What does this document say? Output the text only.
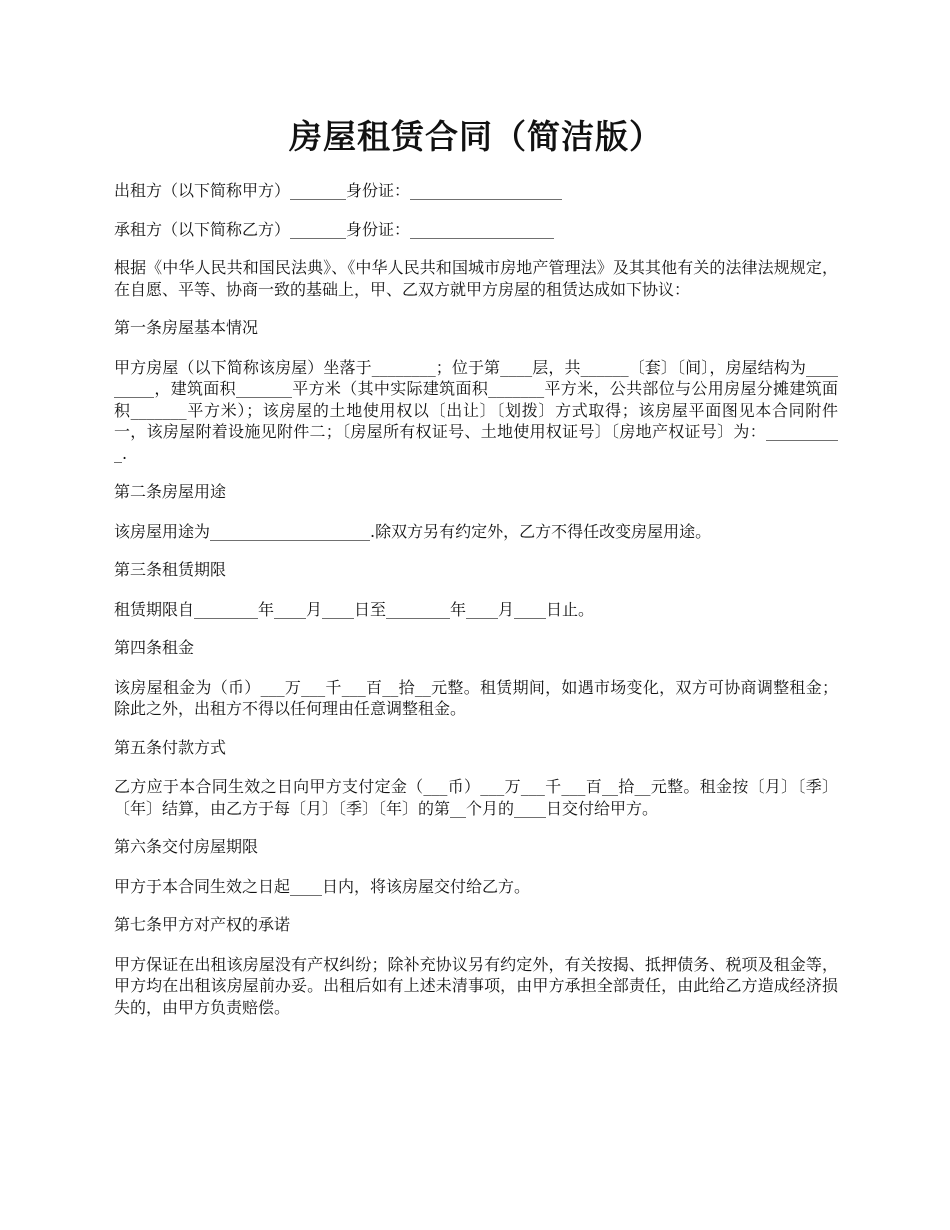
房屋租赁合同（简洁版）

出租方（以下简称甲方）_______身份证：___________________

承租方（以下简称乙方）_______身份证：__________________

根据《中华人民共和国民法典》、《中华人民共和国城市房地产管理法》及其其他有关的法律法规规定，在自愿、平等、协商一致的基础上，甲、乙双方就甲方房屋的租赁达成如下协议：

第一条房屋基本情况

甲方房屋（以下简称该房屋）坐落于________；位于第____层，共______〔套〕〔间〕，房屋结构为_________，建筑面积_______平方米（其中实际建筑面积_______平方米，公共部位与公用房屋分摊建筑面积_______平方米）；该房屋的土地使用权以〔出让〕〔划拨〕方式取得；该房屋平面图见本合同附件一，该房屋附着设施见附件二；〔房屋所有权证号、土地使用权证号〕〔房地产权证号〕为：__________.

第二条房屋用途

该房屋用途为____________________.除双方另有约定外，乙方不得任改变房屋用途。

第三条租赁期限

租赁期限自________年____月____日至________年____月____日止。

第四条租金

该房屋租金为（币）___万___千___百__拾__元整。租赁期间，如遇市场变化，双方可协商调整租金；除此之外，出租方不得以任何理由任意调整租金。

第五条付款方式

乙方应于本合同生效之日向甲方支付定金（___币）___万___千___百__拾__元整。租金按〔月〕〔季〕〔年〕结算，由乙方于每〔月〕〔季〕〔年〕的第__个月的____日交付给甲方。

第六条交付房屋期限

甲方于本合同生效之日起____日内，将该房屋交付给乙方。

第七条甲方对产权的承诺

甲方保证在出租该房屋没有产权纠纷；除补充协议另有约定外，有关按揭、抵押债务、税项及租金等，甲方均在出租该房屋前办妥。出租后如有上述未清事项，由甲方承担全部责任，由此给乙方造成经济损失的，由甲方负责赔偿。
